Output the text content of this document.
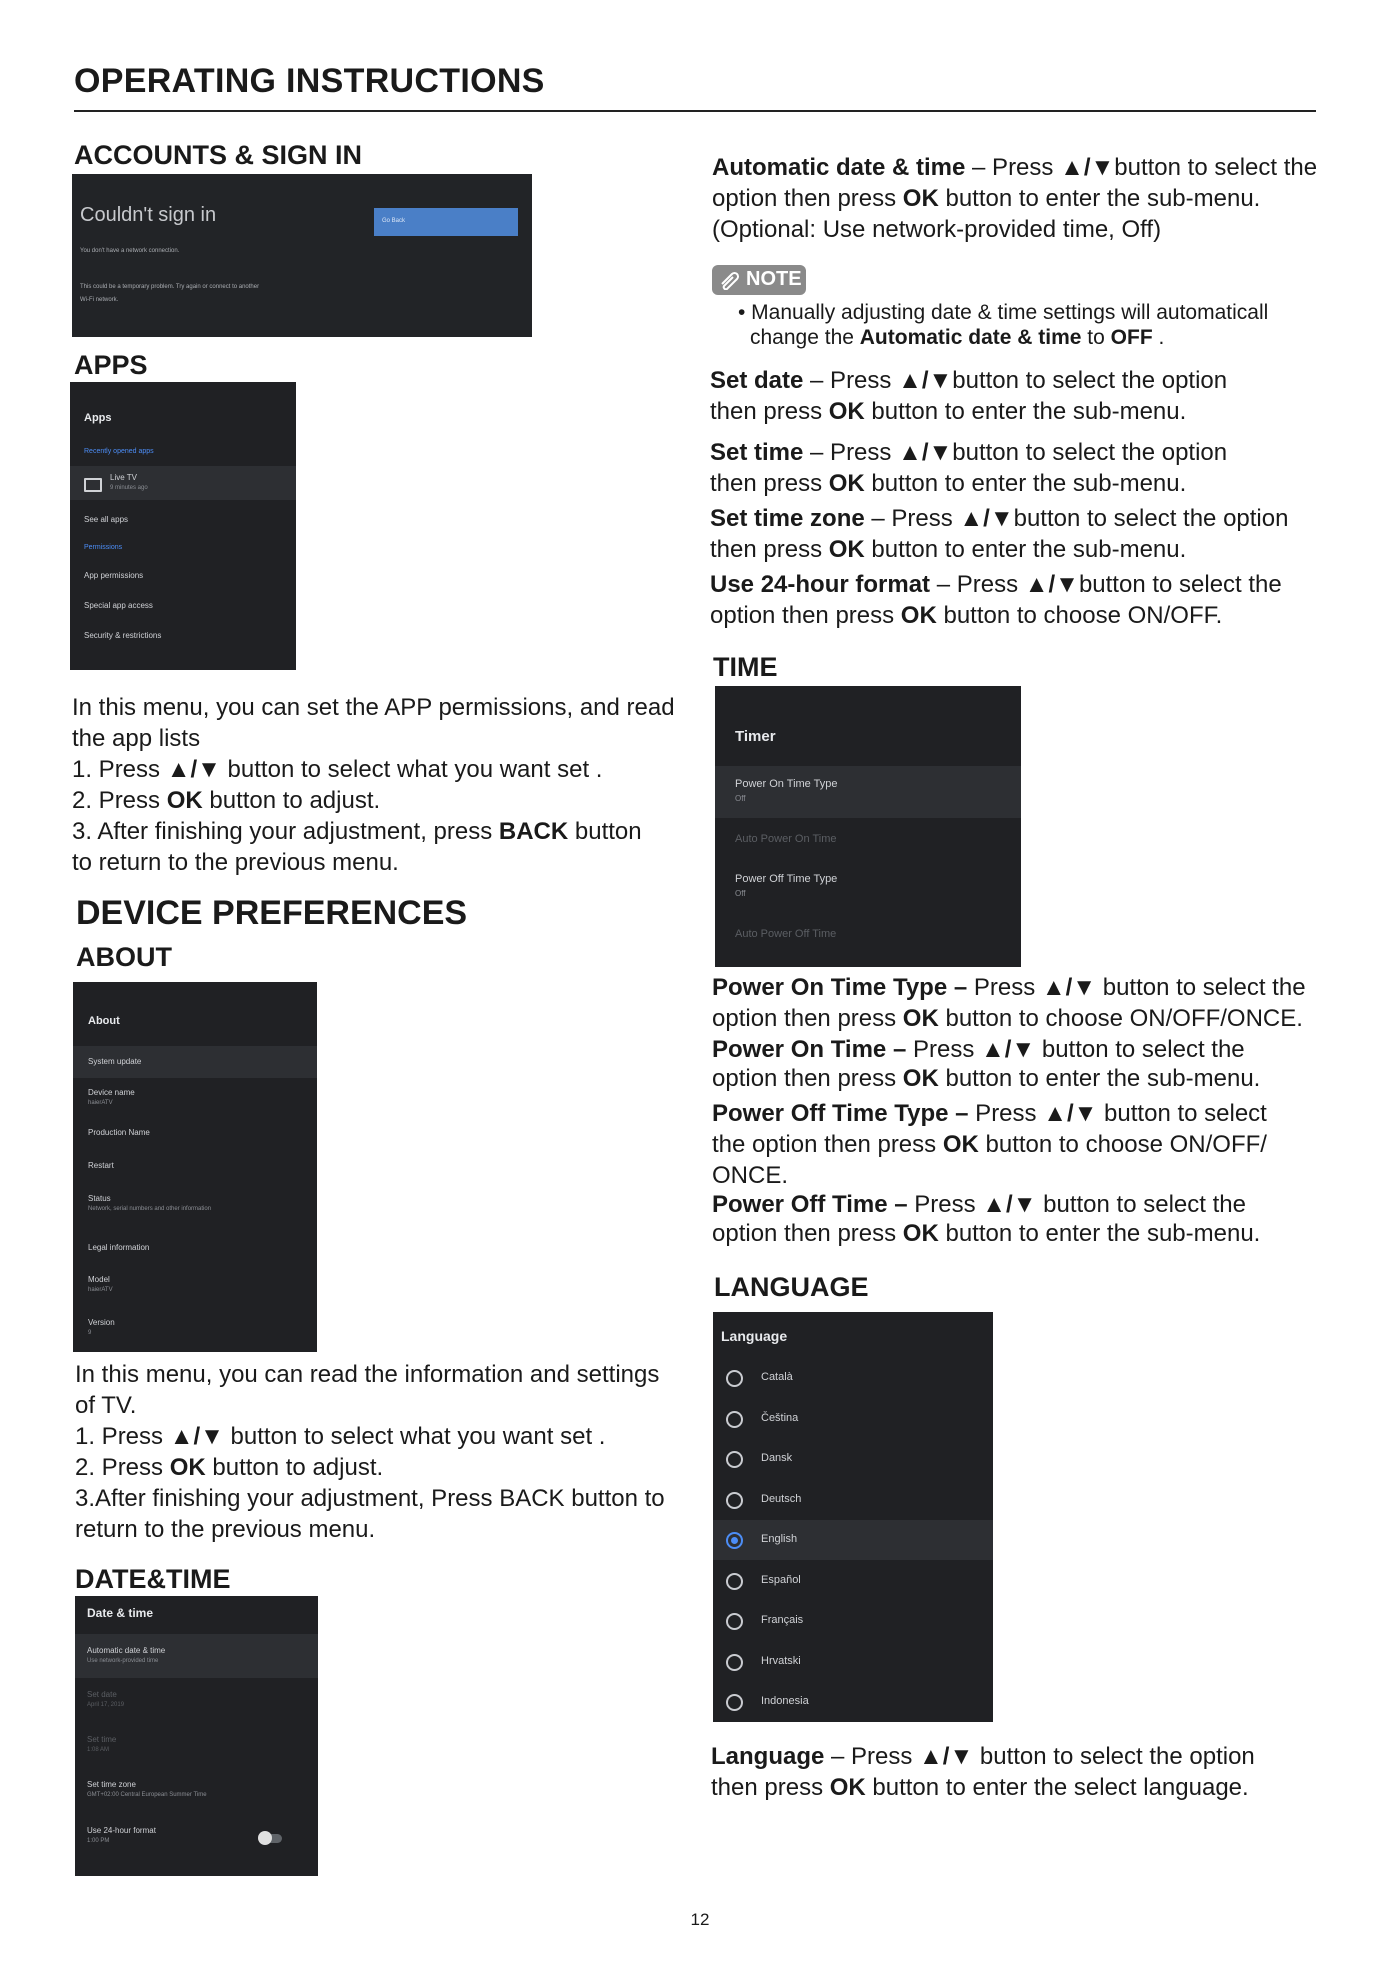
OPERATING INSTRUCTIONS
ACCOUNTS & SIGN IN
Couldn't sign in
You don't have a network connection.
This could be a temporary problem. Try again or connect to another
Wi-Fi network.
Go Back
APPS
Apps
Recently opened apps
Live TV
9 minutes ago
See all apps
Permissions
App permissions
Special app access
Security & restrictions
In this menu, you can set the APP permissions, and read
the app lists
1. Press ▲/▼ button to select what you want set .
2. Press OK button to adjust.
3. After finishing your adjustment, press BACK button
to return to the previous menu.
DEVICE PREFERENCES
ABOUT
About
System update
Device name
haierATV
Production Name
Restart
Status
Network, serial numbers and other information
Legal information
Model
haierATV
Version
9
In this menu, you can read the information and settings
of TV.
1. Press ▲/▼ button to select what you want set .
2. Press OK button to adjust.
3.After finishing your adjustment, Press BACK button to
return to the previous menu.
DATE&TIME
Date & time
Automatic date & time
Use network-provided time
Set date
April 17, 2019
Set time
1:08 AM
Set time zone
GMT+02:00 Central European Summer Time
Use 24-hour format
1:00 PM
Automatic date & time – Press ▲/▼button to select the
option then press OK button to enter the sub-menu.
(Optional: Use network-provided time, Off)
NOTE
• Manually adjusting date & time settings will automaticall
change the Automatic date & time to OFF .
Set date – Press ▲/▼button to select the option
then press OK button to enter the sub-menu.
Set time – Press ▲/▼button to select the option
then press OK button to enter the sub-menu.
Set time zone – Press ▲/▼button to select the option
then press OK button to enter the sub-menu.
Use 24-hour format – Press ▲/▼button to select the
option then press OK button to choose ON/OFF.
TIME
Timer
Power On Time Type
Off
Auto Power On Time
Power Off Time Type
Off
Auto Power Off Time
Power On Time Type – Press ▲/▼ button to select the
option then press OK button to choose ON/OFF/ONCE.
Power On Time – Press ▲/▼ button to select the
option then press OK button to enter the sub-menu.
Power Off Time Type – Press ▲/▼ button to select
the option then press OK button to choose ON/OFF/
ONCE.
Power Off Time – Press ▲/▼ button to select the
option then press OK button to enter the sub-menu.
LANGUAGE
Language
Català
Čeština
Dansk
Deutsch
English
Español
Français
Hrvatski
Indonesia
Language – Press ▲/▼ button to select the option
then press OK button to enter the select language.
12
